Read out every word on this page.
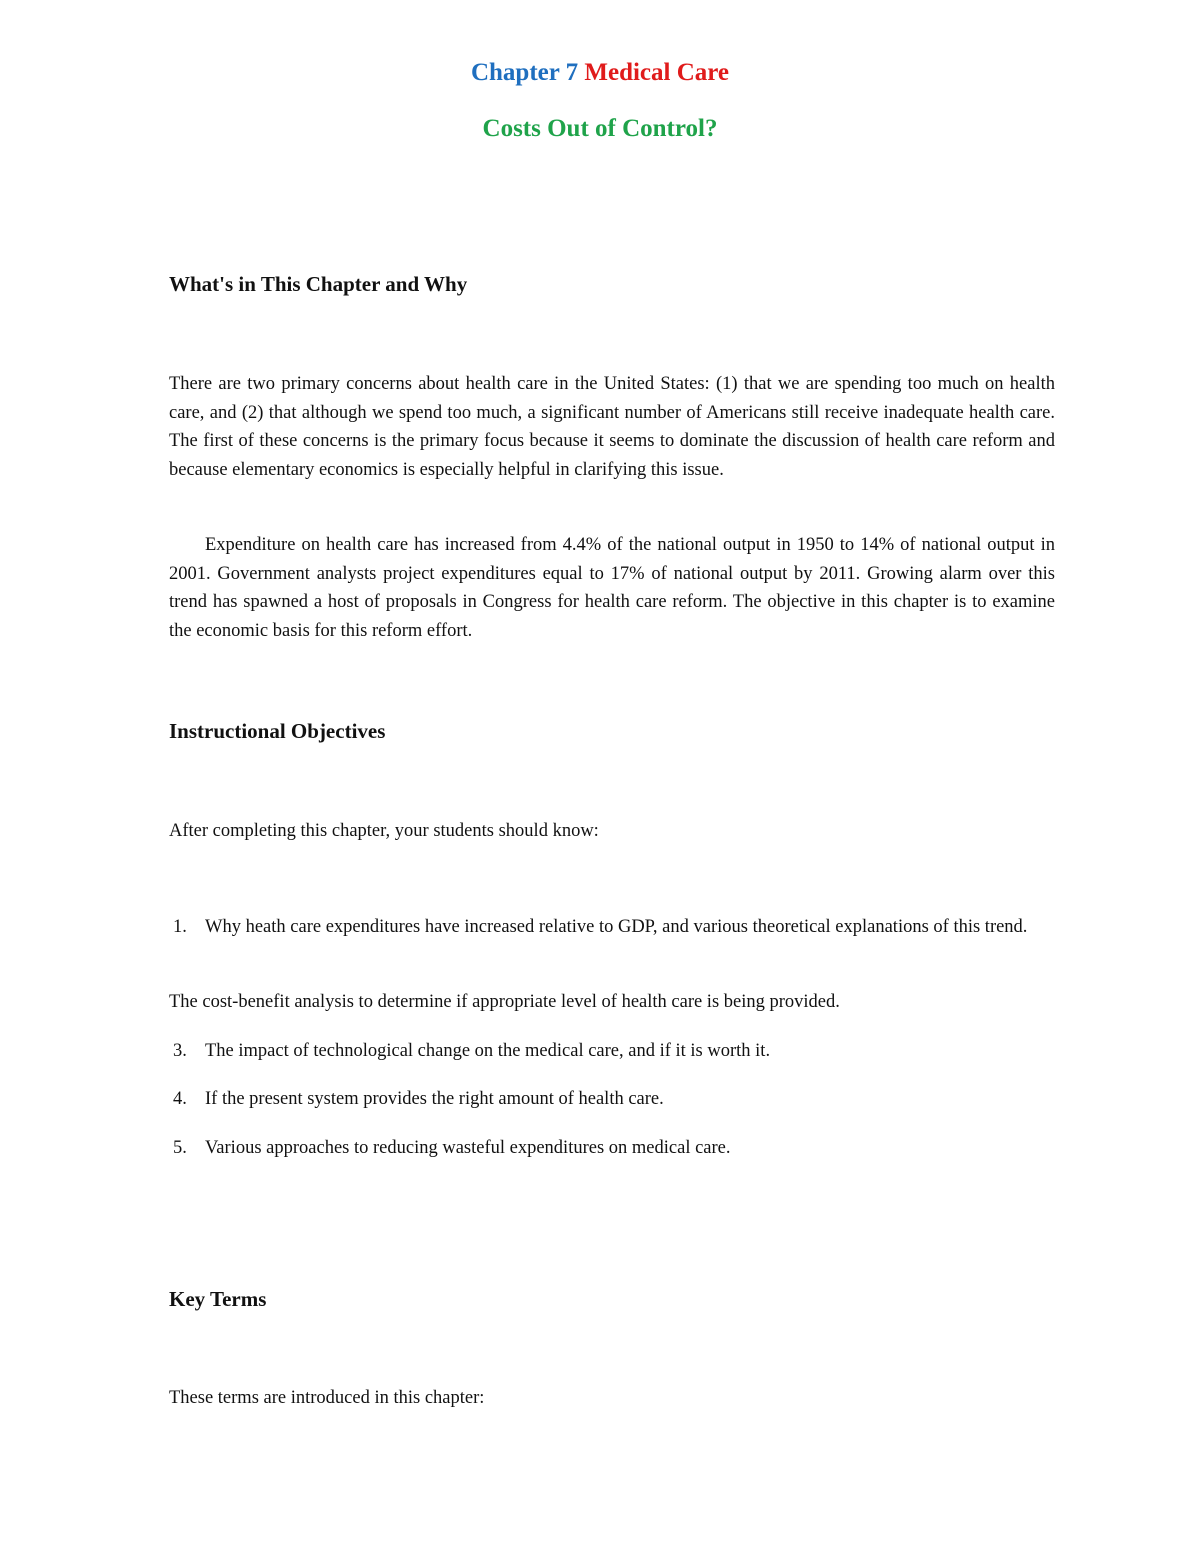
Chapter 7 Medical Care
Costs Out of Control?
What's in This Chapter and Why

There are two primary concerns about health care in the United States: (1) that we are spending too much on health care, and (2) that although we spend too much, a significant number of Americans still receive inadequate health care. The first of these concerns is the primary focus because it seems to dominate the discussion of health care reform and because elementary economics is especially helpful in clarifying this issue.

Expenditure on health care has increased from 4.4% of the national output in 1950 to 14% of national output in 2001. Government analysts project expenditures equal to 17% of national output by 2011. Growing alarm over this trend has spawned a host of proposals in Congress for health care reform. The objective in this chapter is to examine the economic basis for this reform effort.

Instructional Objectives

After completing this chapter, your students should know:

1. Why heath care expenditures have increased relative to GDP, and various theoretical explanations of this trend.

The cost-benefit analysis to determine if appropriate level of health care is being provided.

3. The impact of technological change on the medical care, and if it is worth it.
4. If the present system provides the right amount of health care.
5. Various approaches to reducing wasteful expenditures on medical care.
Key Terms

These terms are introduced in this chapter:
